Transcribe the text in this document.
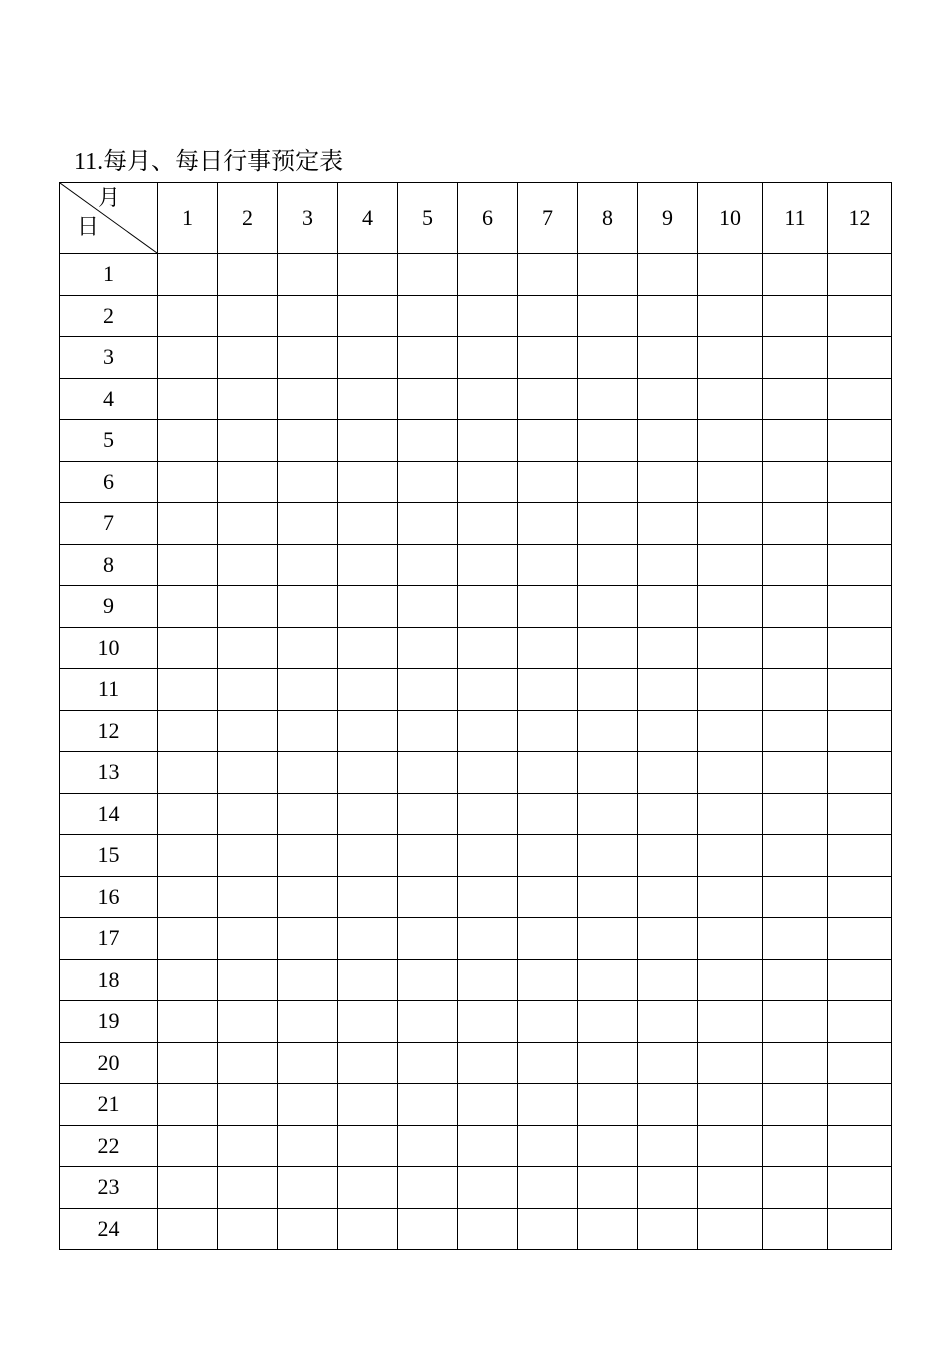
11.每月、每日行事预定表
月
日	1	2	3	4	5	6	7	8	9	10	11	12
1												
2												
3												
4												
5												
6												
7												
8												
9												
10												
11												
12												
13												
14												
15												
16												
17												
18												
19												
20												
21												
22												
23												
24												
